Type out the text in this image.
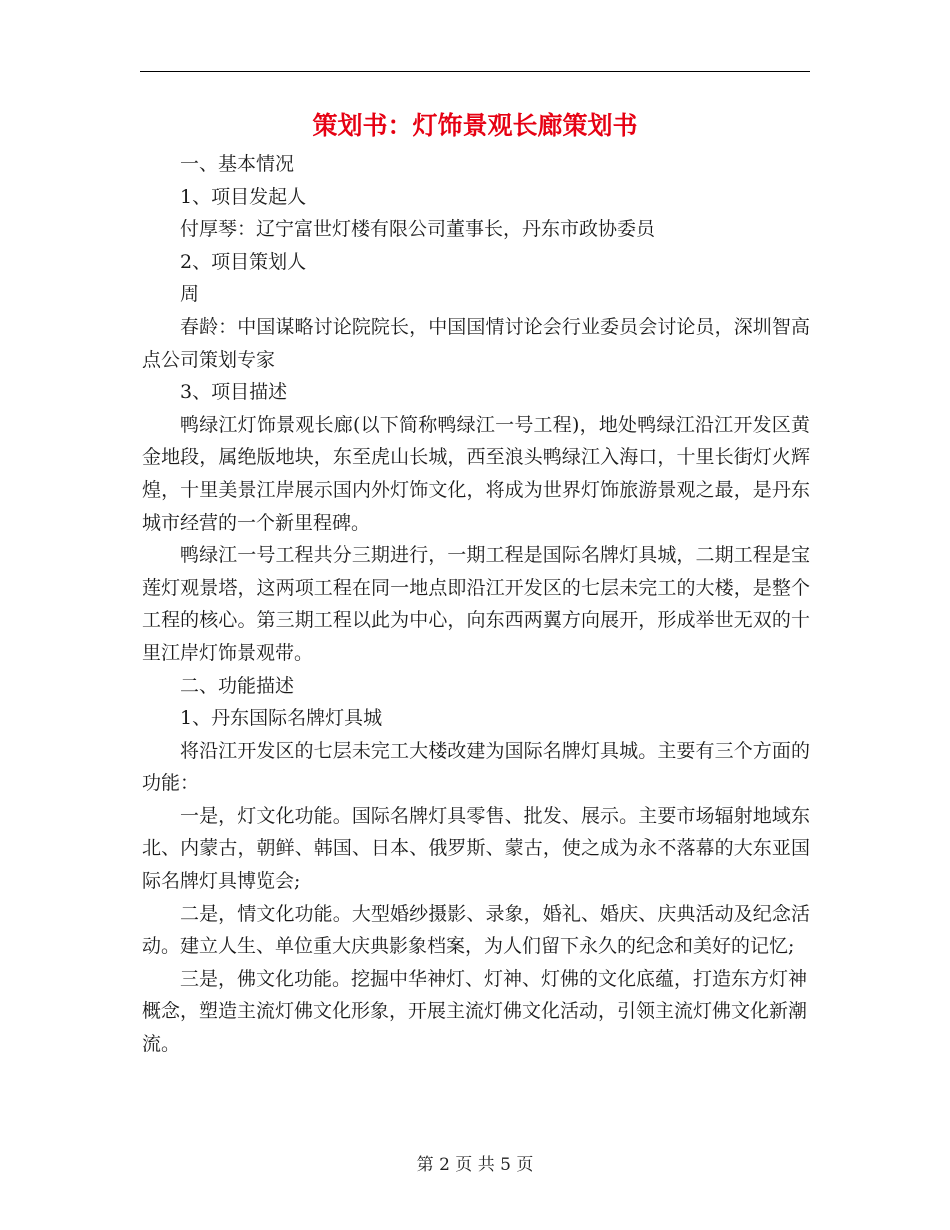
策划书：灯饰景观长廊策划书

一、基本情况

1、项目发起人

付厚琴：辽宁富世灯楼有限公司董事长，丹东市政协委员

2、项目策划人

周

春龄：中国谋略讨论院院长，中国国情讨论会行业委员会讨论员，深圳智高点公司策划专家

3、项目描述

鸭绿江灯饰景观长廊(以下简称鸭绿江一号工程)，地处鸭绿江沿江开发区黄金地段，属绝版地块，东至虎山长城，西至浪头鸭绿江入海口，十里长街灯火辉煌，十里美景江岸展示国内外灯饰文化，将成为世界灯饰旅游景观之最，是丹东城市经营的一个新里程碑。

鸭绿江一号工程共分三期进行，一期工程是国际名牌灯具城，二期工程是宝莲灯观景塔，这两项工程在同一地点即沿江开发区的七层未完工的大楼，是整个工程的核心。第三期工程以此为中心，向东西两翼方向展开，形成举世无双的十里江岸灯饰景观带。

二、功能描述

1、丹东国际名牌灯具城

将沿江开发区的七层未完工大楼改建为国际名牌灯具城。主要有三个方面的功能：

一是，灯文化功能。国际名牌灯具零售、批发、展示。主要市场辐射地域东北、内蒙古，朝鲜、韩国、日本、俄罗斯、蒙古，使之成为永不落幕的大东亚国际名牌灯具博览会;

二是，情文化功能。大型婚纱摄影、录象，婚礼、婚庆、庆典活动及纪念活动。建立人生、单位重大庆典影象档案，为人们留下永久的纪念和美好的记忆;

三是，佛文化功能。挖掘中华神灯、灯神、灯佛的文化底蕴，打造东方灯神概念，塑造主流灯佛文化形象，开展主流灯佛文化活动，引领主流灯佛文化新潮流。

第 2 页 共 5 页
